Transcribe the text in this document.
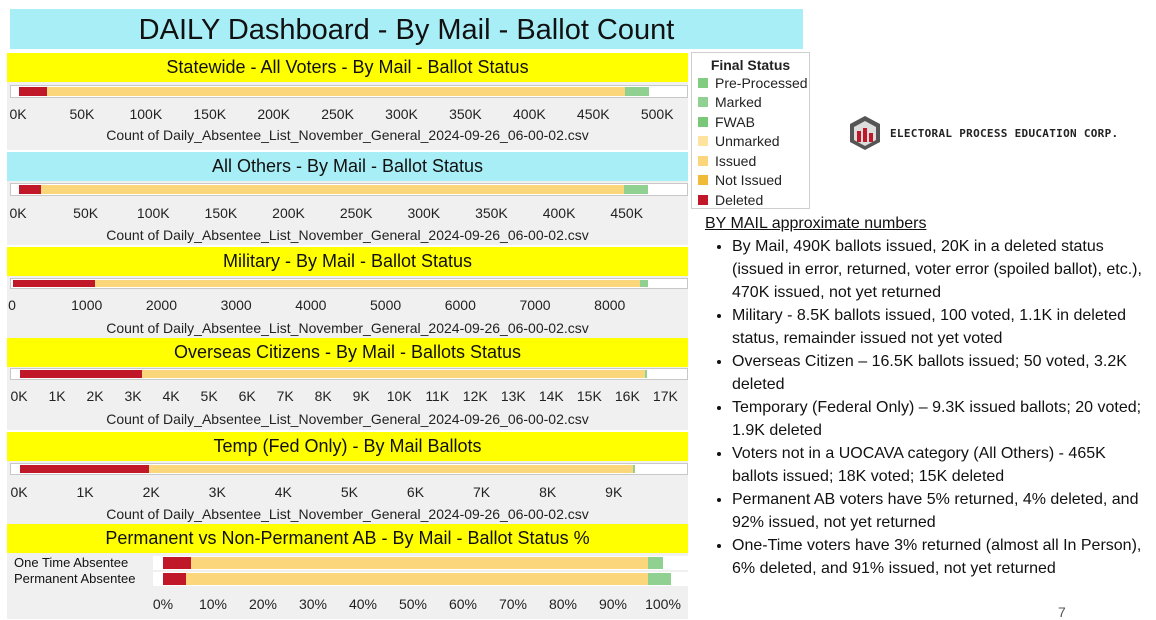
DAILY Dashboard - By Mail - Ballot Count
Statewide - All Voters - By Mail - Ballot Status
0K	50K	100K 150K 200K 250K 300K 350K 400K 450K 500K
Count of Daily_Absentee_List_November_General_2024-09-26_06-00-02.csv
All Others - By Mail - Ballot Status
0K	50K	100K 150K 200K 250K 300K 350K 400K 450K
Count of Daily_Absentee_List_November_General_2024-09-26_06-00-02.csv
Military - By Mail - Ballot Status
0	1000	2000	3000	4000	5000	6000	7000	8000
Count of Daily_Absentee_List_November_General_2024-09-26_06-00-02.csv
Overseas Citizens - By Mail - Ballots Status
0K	1K	2K	3K	4K	5K	6K	7K	8K	9K	10K 11K 12K 13K 14K 15K 16K 17K
Count of Daily_Absentee_List_November_General_2024-09-26_06-00-02.csv
Temp (Fed Only) - By Mail Ballots
0K	1K	2K	3K	4K	5K	6K	7K	8K	9K
Count of Daily_Absentee_List_November_General_2024-09-26_06-00-02.csv
Permanent vs Non-Permanent AB - By Mail - Ballot Status %
0%	10%	20%	30%	40%	50%	60%	70%	80%	90%	100%
One Time Absentee
Permanent Absentee
Final Status
Pre-Processed
Marked
FWAB
Unmarked
Issued
Not Issued
Deleted
ELECTORAL PROCESS EDUCATION CORP.
BY MAIL approximate numbers
• By Mail, 490K ballots issued, 20K in a deleted status (issued in error, returned, voter error (spoiled ballot), etc.), 470K issued, not yet returned
• Military - 8.5K ballots issued, 100 voted, 1.1K in deleted status, remainder issued not yet voted
• Overseas Citizen – 16.5K ballots issued; 50 voted, 3.2K deleted
• Temporary (Federal Only) – 9.3K issued ballots; 20 voted; 1.9K deleted
• Voters not in a UOCAVA category (All Others) - 465K ballots issued; 18K voted; 15K deleted
• Permanent AB voters have 5% returned, 4% deleted, and 92% issued, not yet returned
• One-Time voters have 3% returned (almost all In Person), 6% deleted, and 91% issued, not yet returned
7
